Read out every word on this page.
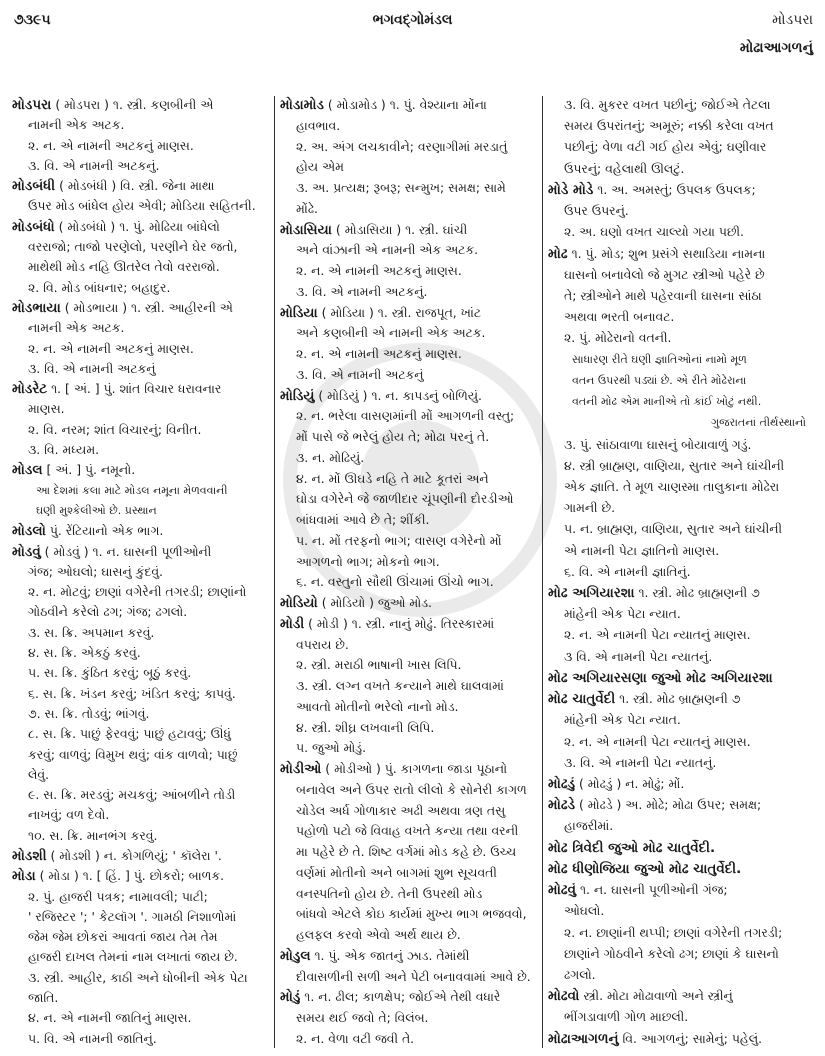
૭૩૯૫	ભગવદ્ગોમંડલ	મોડપરા
મોઢાઆગળનું
મોડપરા ( મોડપરા ) ૧. સ્ત્રી. કણબીની એ
નામની એક અટક.
૨. ન. એ નામની અટકનું માણસ.
૩. વિ. એ નામની અટકનું.
મોડબંધી ( મોડબંધી ) વિ. સ્ત્રી. જેના માથા
ઉપર મોડ બાંધેલ હોય એવી; મોડિયા સહિતની.
મોડબંધો ( મોડબંધો ) ૧. પું. મોઢિયા બાંધેલો
વરરાજો; તાજો પરણેલો, પરણીને ઘેર જતો,
માથેથી મોડ નહિ ઊતરેલ તેવો વરરાજો.
૨. વિ. મોડ બાંધનાર; બહાદુર.
મોડભાયા ( મોડભાયા ) ૧. સ્ત્રી. આહીરની એ
નામની એક અટક.
૨. ન. એ નામની અટકનું માણસ.
૩. વિ. એ નામની અટકનું
મોડરેટ ૧. [ અં. ] પું. શાંત વિચાર ધરાવનાર
માણસ.
૨. વિ. નરમ; શાંત વિચારનું; વિનીત.
૩. વિ. મધ્યમ.
મોડલ [ અં. ] પું. નમૂનો.
આ દેશમાં કલા માટે મોડલ નમૂના મેળવવાની
ઘણી મુશ્કેલીઓ છે. પ્રસ્થાન
મોડલો પું. રેંટિયાનો એક ભાગ.
મોડવું ( મોડવું ) ૧. ન. ઘાસની પૂળીઓની
ગંજ; ઓઘલો; ઘાસનું કુંદવું.
૨. ન. મોટવું; છાણાં વગેરેની તગરડી; છાણાંનો
ગોઠવીને કરેલો ઢગ; ગંજ; ઢગલો.
૩. સ. ક્રિ. અપમાન કરવું.
૪. સ. ક્રિ. એકઠું કરવું.
૫. સ. ક્રિ. કુંઠિત કરવું; બૂઠું કરવું.
૬. સ. ક્રિ. ખંડન કરવું; ખંડિત કરવું; કાપવું.
૭. સ. ક્રિ. તોડવું; ભાંગવું.
૮. સ. ક્રિ. પાછું ફેરવવું; પાછું હટાવવું; ઊંધું
કરવું; વાળવું; વિમુખ થવું; વાંક વાળવો; પાછું
લેવું.
૯. સ. ક્રિ. મરડવું; મચકવું; આંબળીને તોડી
નાખવું; વળ દેવો.
૧૦. સ. ક્રિ. માનભંગ કરવું.
મોડશી ( મોડશી ) ન. કોગળિયું; ' કૉલેરા '.
મોડા ( મોડા ) ૧. [ હિં. ] પું. છોકરો; બાળક.
૨. પું. હાજરી પત્રક; નામાવલી; પાટી;
' રજિસ્ટર '; ' કેટલૉગ '. ગામઠી નિશાળોમાં
જેમ જેમ છોકરાં આવતાં જાય તેમ તેમ
હાજરી દાખલ તેમનાં નામ લખાતાં જાય છે.
૩. સ્ત્રી. આહીર, કાઠી અને ધોબીની એક પેટા
જાતિ.
૪. ન. એ નામની જાતિનું માણસ.
૫. વિ. એ નામની જાતિનું.
મોડામોડ ( મોડામોડ ) ૧. પું. વેશ્યાના મોંના
હાવભાવ.
૨. અ. અંગ લચકાવીને; વરણાગીમાં મરડાતું
હોય એમ
૩. અ. પ્રત્યક્ષ; રૂબરૂ; સન્મુખ; સમક્ષ; સામે
મોંઢે.
મોડાસિયા ( મોડાસિયા ) ૧. સ્ત્રી. ઘાંચી
અને વાંઝાની એ નામની એક અટક.
૨. ન. એ નામની અટકનું માણસ.
૩. વિ. એ નામની અટકનું.
મોડિયા ( મોડિયા ) ૧. સ્ત્રી. રાજપૂત, ખાંટ
અને કણબીની એ નામની એક અટક.
૨. ન. એ નામની અટકનું માણસ.
૩. વિ. એ નામની અટકનું
મોડિયું ( મોડિયું ) ૧. ન. કાપડનું બોળિયું.
૨. ન. ભરેલા વાસણમાંની મોં આગળની વસ્તુ;
મોં પાસે જે ભરેલું હોય તે; મોઢા પરનું તે.
૩. ન. મોઢિયું.
૪. ન. મોં ઊઘડે નહિ તે માટે કૂતરાં અને
ઘોડા વગેરેને જે જાળીદાર ચૂંપણીની દોરડીઓ
બાંધવામાં આવે છે તે; શીંકી.
૫. ન. મોં તરફનો ભાગ; વાસણ વગેરેનો મોં
આગળનો ભાગ; મોકનો ભાગ.
૬. ન. વસ્તુનો સૌથી ઊંચામાં ઊંચો ભાગ.
મોડિયો ( મોડિયો ) જુઓ મોડ.
મોડી ( મોડી ) ૧. સ્ત્રી. નાનું મોઢું. તિરસ્કારમાં
વપરાય છે.
૨. સ્ત્રી. મરાઠી ભાષાની ખાસ લિપિ.
૩. સ્ત્રી. લગ્ન વખતે કન્યાને માથે ઘાલવામાં
આવતો મોતીનો ભરેલો નાનો મોડ.
૪. સ્ત્રી. શીઘ્ર લખવાની લિપિ.
૫. જુઓ મોડું.
મોડીઓ ( મોડીઓ ) પું. કાગળના જાડા પૂઠાનો
બનાવેલ અને ઉપર રાતો લીલો કે સોનેરી કાગળ
ચોડેલ અર્ધ ગોળાકાર અઢી અથવા ત્રણ તસુ
પહોળો પટો જે વિવાહ વખતે કન્યા તથા વરની
મા પહેરે છે તે. શિષ્ટ વર્ગમાં મોડ કહે છે. ઉચ્ચ
વર્ણમાં મોતીનો અને બાગમાં શુભ સૂચવતી
વનસ્પતિનો હોય છે. તેની ઉપરથી મોડ
બાંધવો એટલે કોઇ કાર્યમાં મુખ્ય ભાગ ભજવવો,
હલફલ કરવો એવો અર્થ થાય છે.
મોડુલ ૧. પું. એક જાતનું ઝાડ. તેમાંથી
દીવાસળીની સળી અને પેટી બનાવવામાં આવે છે.
મોડું ૧. ન. ઢીલ; કાળક્ષેપ; જોઈએ તેથી વધારે
સમય થઈ જવો તે; વિલંબ.
૨. ન. વેળા વટી જવી તે.
૩. વિ. મુકરર વખત પછીનું; જોઈએ તેટલા
સમય ઉપરાંતનું; અમૂરું; નક્કી કરેલા વખત
પછીનું; વેળા વટી ગઈ હોય એવું; ઘણીવાર
ઉપરનું; વહેલાથી ઊલટું.
મોડે મોડે ૧. અ. અમસ્તું; ઉપલક ઉપલક;
ઉપર ઉપરનું.
૨. અ. ઘણો વખત ચાલ્યો ગયા પછી.
મોઢ ૧. પું. મોડ; શુભ પ્રસંગે સથાડિયા નામના
ઘાસનો બનાવેલો જે મુગટ સ્ત્રીઓ પહેરે છે
તે; સ્ત્રીઓને માથે પહેરવાની ઘાસના સાંઠા
અથવા ભરતી બનાવટ.
૨. પું. મોઢેરાનો વતની.
સાધારણ રીતે ઘણી જ્ઞાતિઓનાં નામો મૂળ
વતન ઉપરથી પડ્યાં છે. એ રીતે મોઢેરાના
વતની મોઢ એમ માનીએ તો કાંઈ ખોટું નથી.
ગુજરાતનાં તીર્થસ્થાનો
૩. પું. સાંઠાવાળા ઘાસનું બોયાવાળું ગડું.
૪. સ્ત્રી બ્રાહ્મણ, વાણિયા, સુતાર અને ઘાંચીની
એક જ્ઞાતિ. તે મૂળ ચાણસ્મા તાલુકાના મોઢેરા
ગામની છે.
૫. ન. બ્રાહ્મણ, વાણિયા, સુતાર અને ઘાંચીની
એ નામની પેટા જ્ઞાતિનો માણસ.
૬. વિ. એ નામની જ્ઞાતિનું.
મોઢ અગિયારશા ૧. સ્ત્રી. મોઢ બ્રાહ્મણની ૭
માંહેની એક પેટા ન્યાત.
૨. ન. એ નામની પેટા ન્યાતનું માણસ.
૩ વિ. એ નામની પેટા ન્યાતનું.
મોઢ અગિયારસણા જુઓ મોઢ અગિયારશા
મોઢ ચાતુર્વેદી ૧. સ્ત્રી. મોઢ બ્રાહ્મણની ૭
માંહેની એક પેટા ન્યાત.
૨. ન. એ નામની પેટા ન્યાતનું માણસ.
૩. વિ. એ નામની પેટા ન્યાતનું.
મોઢડું ( મોઢડું ) ન. મોઢું; મોં.
મોઢડે ( મોઢડે ) અ. મોઢે; મોઢા ઉપર; સમક્ષ;
હાજરીમાં.
મોઢ ત્રિવેદી જુઓ મોઢ ચાતુર્વેદી.
મોઢ ધીણોજિયા જુઓ મોઢ ચાતુર્વેદી.
મોઢવું ૧. ન. ઘાસની પૂળીઓની ગંજ;
ઓઘલો.
૨. ન. છાણાંની થપ્પી; છાણાં વગેરેની તગરડી;
છાણાંને ગોઠવીને કરેલો ઢગ; છાણાં કે ઘાસનો
ઢગલો.
મોઢવો સ્ત્રી. મોટા મોઢાવાળો અને સ્ત્રીનું
ભીંગડાવાળી ગોળ માછલી.
મોઢાઆગળનું વિ. આગળનું; સામેનું; પહેલું.
